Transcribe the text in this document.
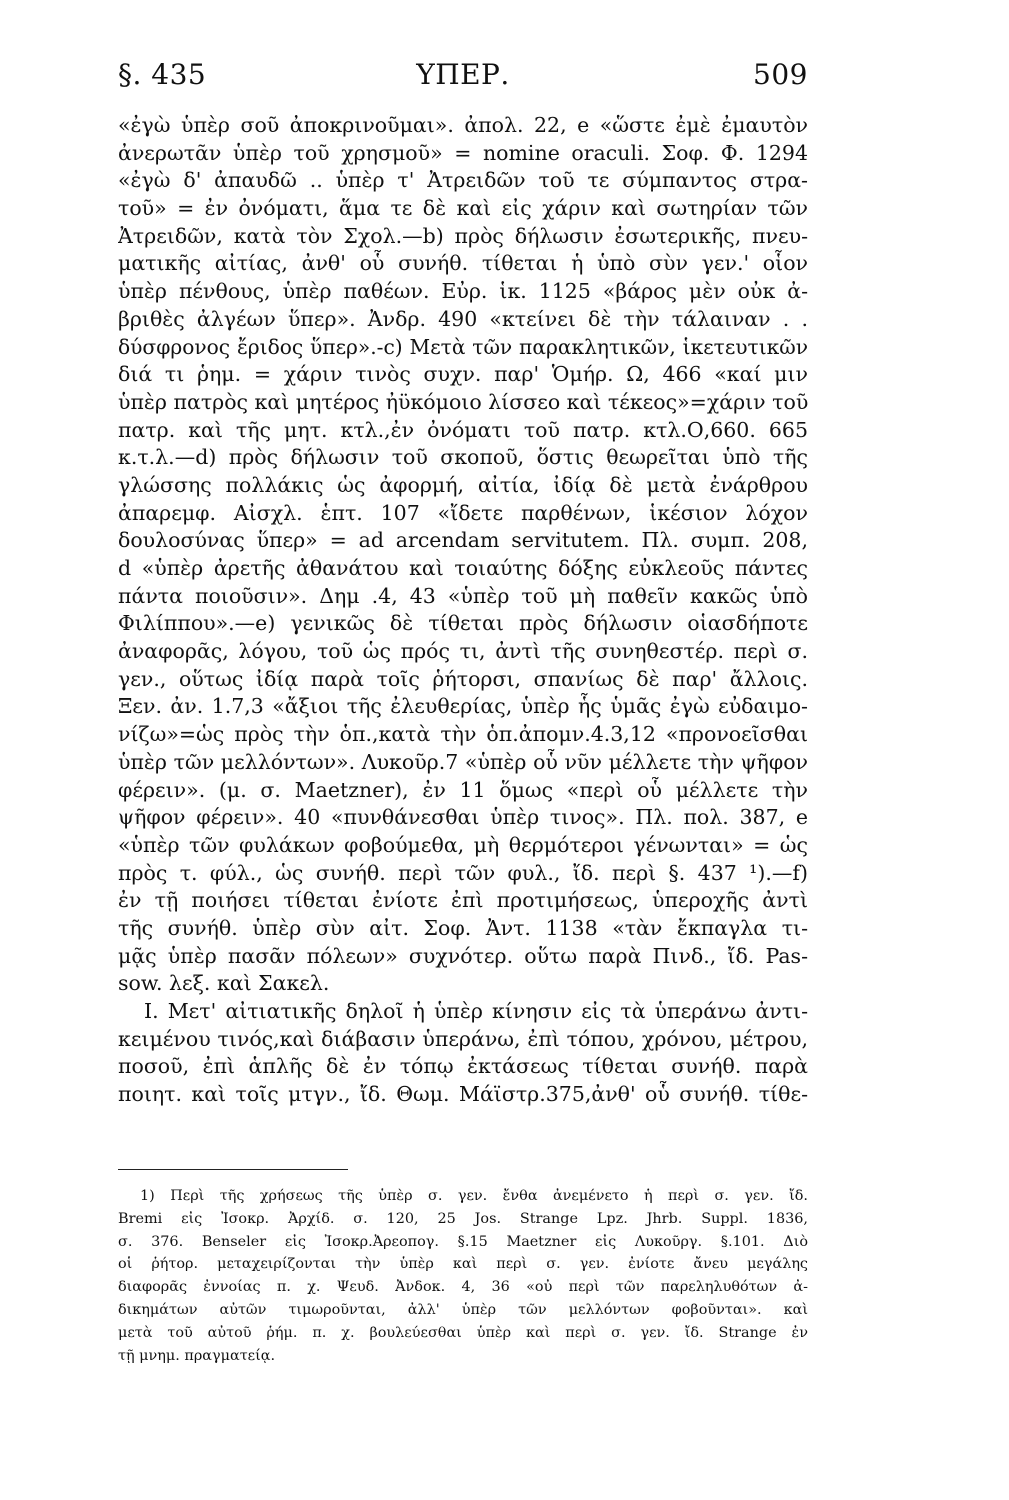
§. 435	ΥΠΕΡ.	509
«ἐγὼ ὑπὲρ σοῦ ἀποκρινοῦμαι». ἀπολ. 22, e «ὥστε ἐμὲ ἐμαυτὸν
ἀνερωτᾶν ὑπὲρ τοῦ χρησμοῦ» = nomine oraculi. Σοφ. Φ. 1294
«ἐγὼ δ' ἀπαυδῶ .. ὑπὲρ τ' Ἀτρειδῶν τοῦ τε σύμπαντος στρα-
τοῦ» = ἐν ὀνόματι, ἅμα τε δὲ καὶ εἰς χάριν καὶ σωτηρίαν τῶν
Ἀτρειδῶν, κατὰ τὸν Σχολ.—b) πρὸς δήλωσιν ἐσωτερικῆς, πνευ-
ματικῆς αἰτίας, ἀνθ' οὗ συνήθ. τίθεται ἡ ὑπὸ σὺν γεν.' οἷον
ὑπὲρ πένθους, ὑπὲρ παθέων. Εὐρ. ἱκ. 1125 «βάρος μὲν οὐκ ἀ-
βριθὲς ἀλγέων ὕπερ». Ἀνδρ. 490 «κτείνει δὲ τὴν τάλαιναν . .
δύσφρονος ἔριδος ὕπερ».-c) Μετὰ τῶν παρακλητικῶν, ἱκετευτικῶν
διά τι ῥημ. = χάριν τινὸς συχν. παρ' Ὁμήρ. Ω, 466 «καί μιν
ὑπὲρ πατρὸς καὶ μητέρος ἠϋκόμοιο λίσσεο καὶ τέκεος»=χάριν τοῦ
πατρ. καὶ τῆς μητ. κτλ.,ἐν ὀνόματι τοῦ πατρ. κτλ.Ο,660. 665
κ.τ.λ.—d) πρὸς δήλωσιν τοῦ σκοποῦ, ὅστις θεωρεῖται ὑπὸ τῆς
γλώσσης πολλάκις ὡς ἀφορμή, αἰτία, ἰδίᾳ δὲ μετὰ ἐνάρθρου
ἀπαρεμφ. Αἰσχλ. ἑπτ. 107 «ἴδετε παρθένων, ἱκέσιον λόχον
δουλοσύνας ὕπερ» = ad arcendam servitutem. Πλ. συμπ. 208,
d «ὑπὲρ ἀρετῆς ἀθανάτου καὶ τοιαύτης δόξης εὐκλεοῦς πάντες
πάντα ποιοῦσιν». Δημ .4, 43 «ὑπὲρ τοῦ μὴ παθεῖν κακῶς ὑπὸ
Φιλίππου».—e) γενικῶς δὲ τίθεται πρὸς δήλωσιν οἱασδήποτε
ἀναφορᾶς, λόγου, τοῦ ὡς πρός τι, ἀντὶ τῆς συνηθεστέρ. περὶ σ.
γεν., οὕτως ἰδίᾳ παρὰ τοῖς ῥήτορσι, σπανίως δὲ παρ' ἄλλοις.
Ξεν. ἀν. 1.7,3 «ἄξιοι τῆς ἐλευθερίας, ὑπὲρ ἧς ὑμᾶς ἐγὼ εὐδαιμο-
νίζω»=ὡς πρὸς τὴν ὁπ.,κατὰ τὴν ὁπ.ἀπομν.4.3,12 «προνοεῖσθαι
ὑπὲρ τῶν μελλόντων». Λυκοῦρ.7 «ὑπὲρ οὗ νῦν μέλλετε τὴν ψῆφον
φέρειν». (μ. σ. Maetzner), ἐν 11 ὅμως «περὶ οὗ μέλλετε τὴν
ψῆφον φέρειν». 40 «πυνθάνεσθαι ὑπὲρ τινος». Πλ. πολ. 387, e
«ὑπὲρ τῶν φυλάκων φοβούμεθα, μὴ θερμότεροι γένωνται» = ὡς
πρὸς τ. φύλ., ὡς συνήθ. περὶ τῶν φυλ., ἴδ. περὶ §. 437 ¹).—f)
ἐν τῇ ποιήσει τίθεται ἐνίοτε ἐπὶ προτιμήσεως, ὑπεροχῆς ἀντὶ
τῆς συνήθ. ὑπὲρ σὺν αἰτ. Σοφ. Ἀντ. 1138 «τὰν ἔκπαγλα τι-
μᾷς ὑπὲρ πασᾶν πόλεων» συχνότερ. οὕτω παρὰ Πινδ., ἴδ. Pas-
sow. λεξ. καὶ Σακελ.
I. Μετ' αἰτιατικῆς δηλοῖ ἡ ὑπὲρ κίνησιν εἰς τὰ ὑπεράνω ἀντι-
κειμένου τινός,καὶ διάβασιν ὑπεράνω, ἐπὶ τόπου, χρόνου, μέτρου,
ποσοῦ, ἐπὶ ἁπλῆς δὲ ἐν τόπῳ ἐκτάσεως τίθεται συνήθ. παρὰ
ποιητ. καὶ τοῖς μτγν., ἴδ. Θωμ. Μάϊστρ.375,ἀνθ' οὗ συνήθ. τίθε-
1) Περὶ τῆς χρήσεως τῆς ὑπὲρ σ. γεν. ἔνθα ἀνεμένετο ἡ περὶ σ. γεν. ἴδ.
Bremi εἰς Ἰσοκρ. Ἀρχίδ. σ. 120, 25 Jos. Strange Lpz. Jhrb. Suppl. 1836,
σ. 376. Benseler εἰς Ἰσοκρ.Ἀρεοπογ. §.15 Maetzner εἰς Λυκοῦργ. §.101. Διὸ
οἱ ῥήτορ. μεταχειρίζονται τὴν ὑπὲρ καὶ περὶ σ. γεν. ἐνίοτε ἄνευ μεγάλης
διαφορᾶς ἐννοίας π. χ. Ψευδ. Ἀνδοκ. 4, 36 «οὐ περὶ τῶν παρεληλυθότων ἀ-
δικημάτων αὐτῶν τιμωροῦνται, ἀλλ' ὑπὲρ τῶν μελλόντων φοβοῦνται». καὶ
μετὰ τοῦ αὐτοῦ ῥήμ. π. χ. βουλεύεσθαι ὑπὲρ καὶ περὶ σ. γεν. ἴδ. Strange ἐν
τῇ μνημ. πραγματείᾳ.
